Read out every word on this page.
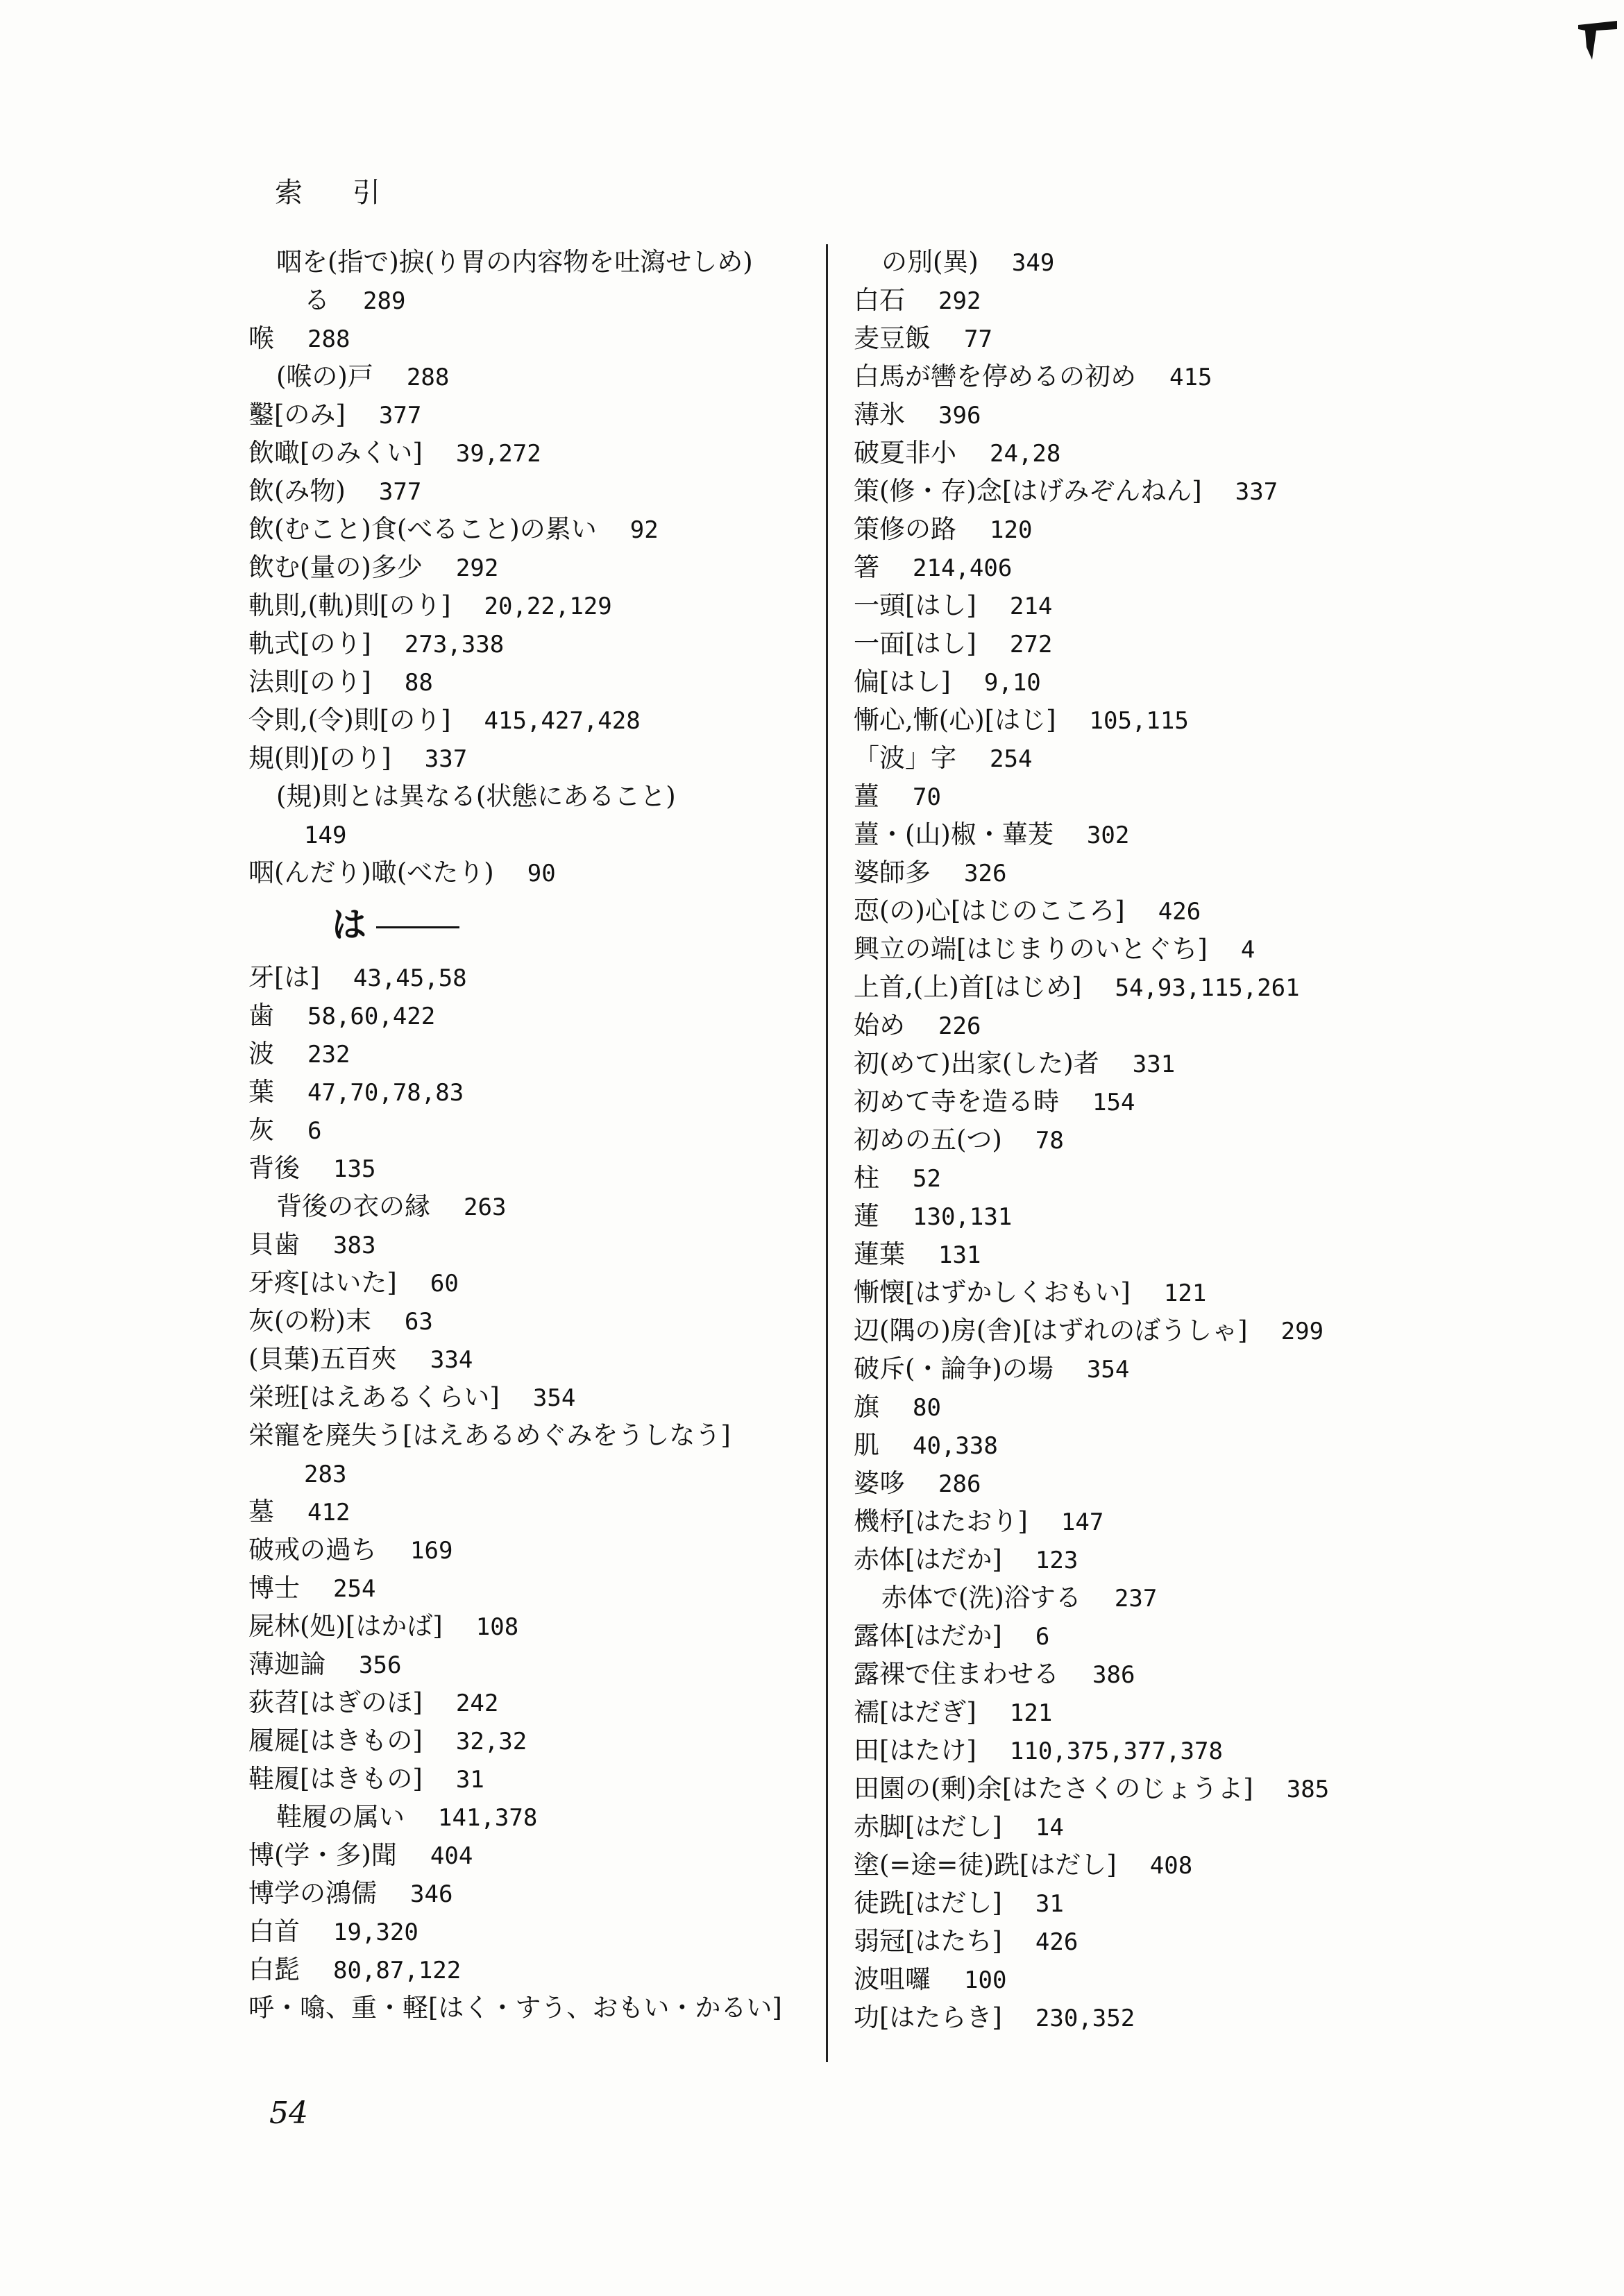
索 引
咽を(指で)捩(り胃の内容物を吐瀉せしめ)
る 289
喉 288
(喉の)戸 288
鑿[のみ] 377
飲噉[のみくい] 39,272
飲(み物) 377
飲(むこと)食(べること)の累い 92
飲む(量の)多少 292
軌則,(軌)則[のり] 20,22,129
軌式[のり] 273,338
法則[のり] 88
令則,(令)則[のり] 415,427,428
規(則)[のり] 337
(規)則とは異なる(状態にあること)
149
咽(んだり)噉(べたり) 90
は
牙[は] 43,45,58
歯 58,60,422
波 232
葉 47,70,78,83
灰 6
背後 135
背後の衣の縁 263
貝歯 383
牙疼[はいた] 60
灰(の粉)末 63
(貝葉)五百夾 334
栄班[はえあるくらい] 354
栄寵を廃失う[はえあるめぐみをうしなう]
283
墓 412
破戒の過ち 169
博士 254
屍林(処)[はかば] 108
薄迦論 356
荻苕[はぎのほ] 242
履屣[はきもの] 32,32
鞋履[はきもの] 31
鞋履の属い 141,378
博(学・多)聞 404
博学の鴻儒 346
白首 19,320
白髭 80,87,122
呼・噏、重・軽[はく・すう、おもい・かるい]
の別(異) 349
白石 292
麦豆飯 77
白馬が轡を停めるの初め 415
薄氷 396
破夏非小 24,28
策(修・存)念[はげみぞんねん] 337
策修の路 120
箸 214,406
一頭[はし] 214
一面[はし] 272
偏[はし] 9,10
慚心,慚(心)[はじ] 105,115
「波」字 254
薑 70
薑・(山)椒・蓽茇 302
婆師多 326
恧(の)心[はじのこころ] 426
興立の端[はじまりのいとぐち] 4
上首,(上)首[はじめ] 54,93,115,261
始め 226
初(めて)出家(した)者 331
初めて寺を造る時 154
初めの五(つ) 78
柱 52
蓮 130,131
蓮葉 131
慚懐[はずかしくおもい] 121
辺(隅の)房(舎)[はずれのぼうしゃ] 299
破斥(・論争)の場 354
旗 80
肌 40,338
婆哆 286
機杼[はたおり] 147
赤体[はだか] 123
赤体で(洗)浴する 237
露体[はだか] 6
露裸で住まわせる 386
襦[はだぎ] 121
田[はたけ] 110,375,377,378
田園の(剰)余[はたさくのじょうよ] 385
赤脚[はだし] 14
塗(=途=徒)跣[はだし] 408
徒跣[はだし] 31
弱冠[はたち] 426
波咀囉 100
功[はたらき] 230,352
54
